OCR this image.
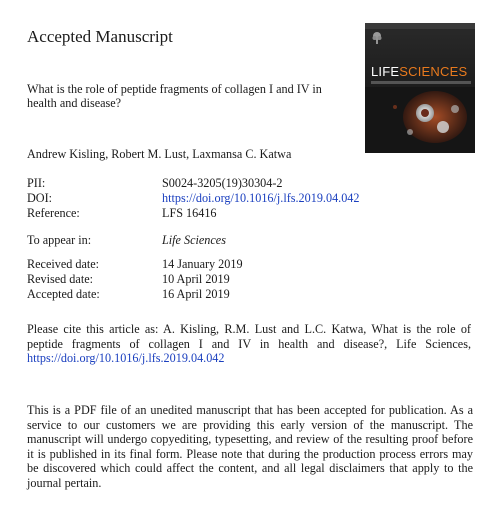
Accepted Manuscript
LIFESCIENCES
What is the role of peptide fragments of collagen I and IV in health and disease?
Andrew Kisling, Robert M. Lust, Laxmansa C. Katwa
PII:	S0024-3205(19)30304-2
DOI:	https://doi.org/10.1016/j.lfs.2019.04.042
Reference:	LFS 16416
To appear in:	Life Sciences
Received date:	14 January 2019
Revised date:	10 April 2019
Accepted date:	16 April 2019
Please cite this article as: A. Kisling, R.M. Lust and L.C. Katwa, What is the role of peptide fragments of collagen I and IV in health and disease?, Life Sciences, https://doi.org/10.1016/j.lfs.2019.04.042
This is a PDF file of an unedited manuscript that has been accepted for publication. As a service to our customers we are providing this early version of the manuscript. The manuscript will undergo copyediting, typesetting, and review of the resulting proof before it is published in its final form. Please note that during the production process errors may be discovered which could affect the content, and all legal disclaimers that apply to the journal pertain.
